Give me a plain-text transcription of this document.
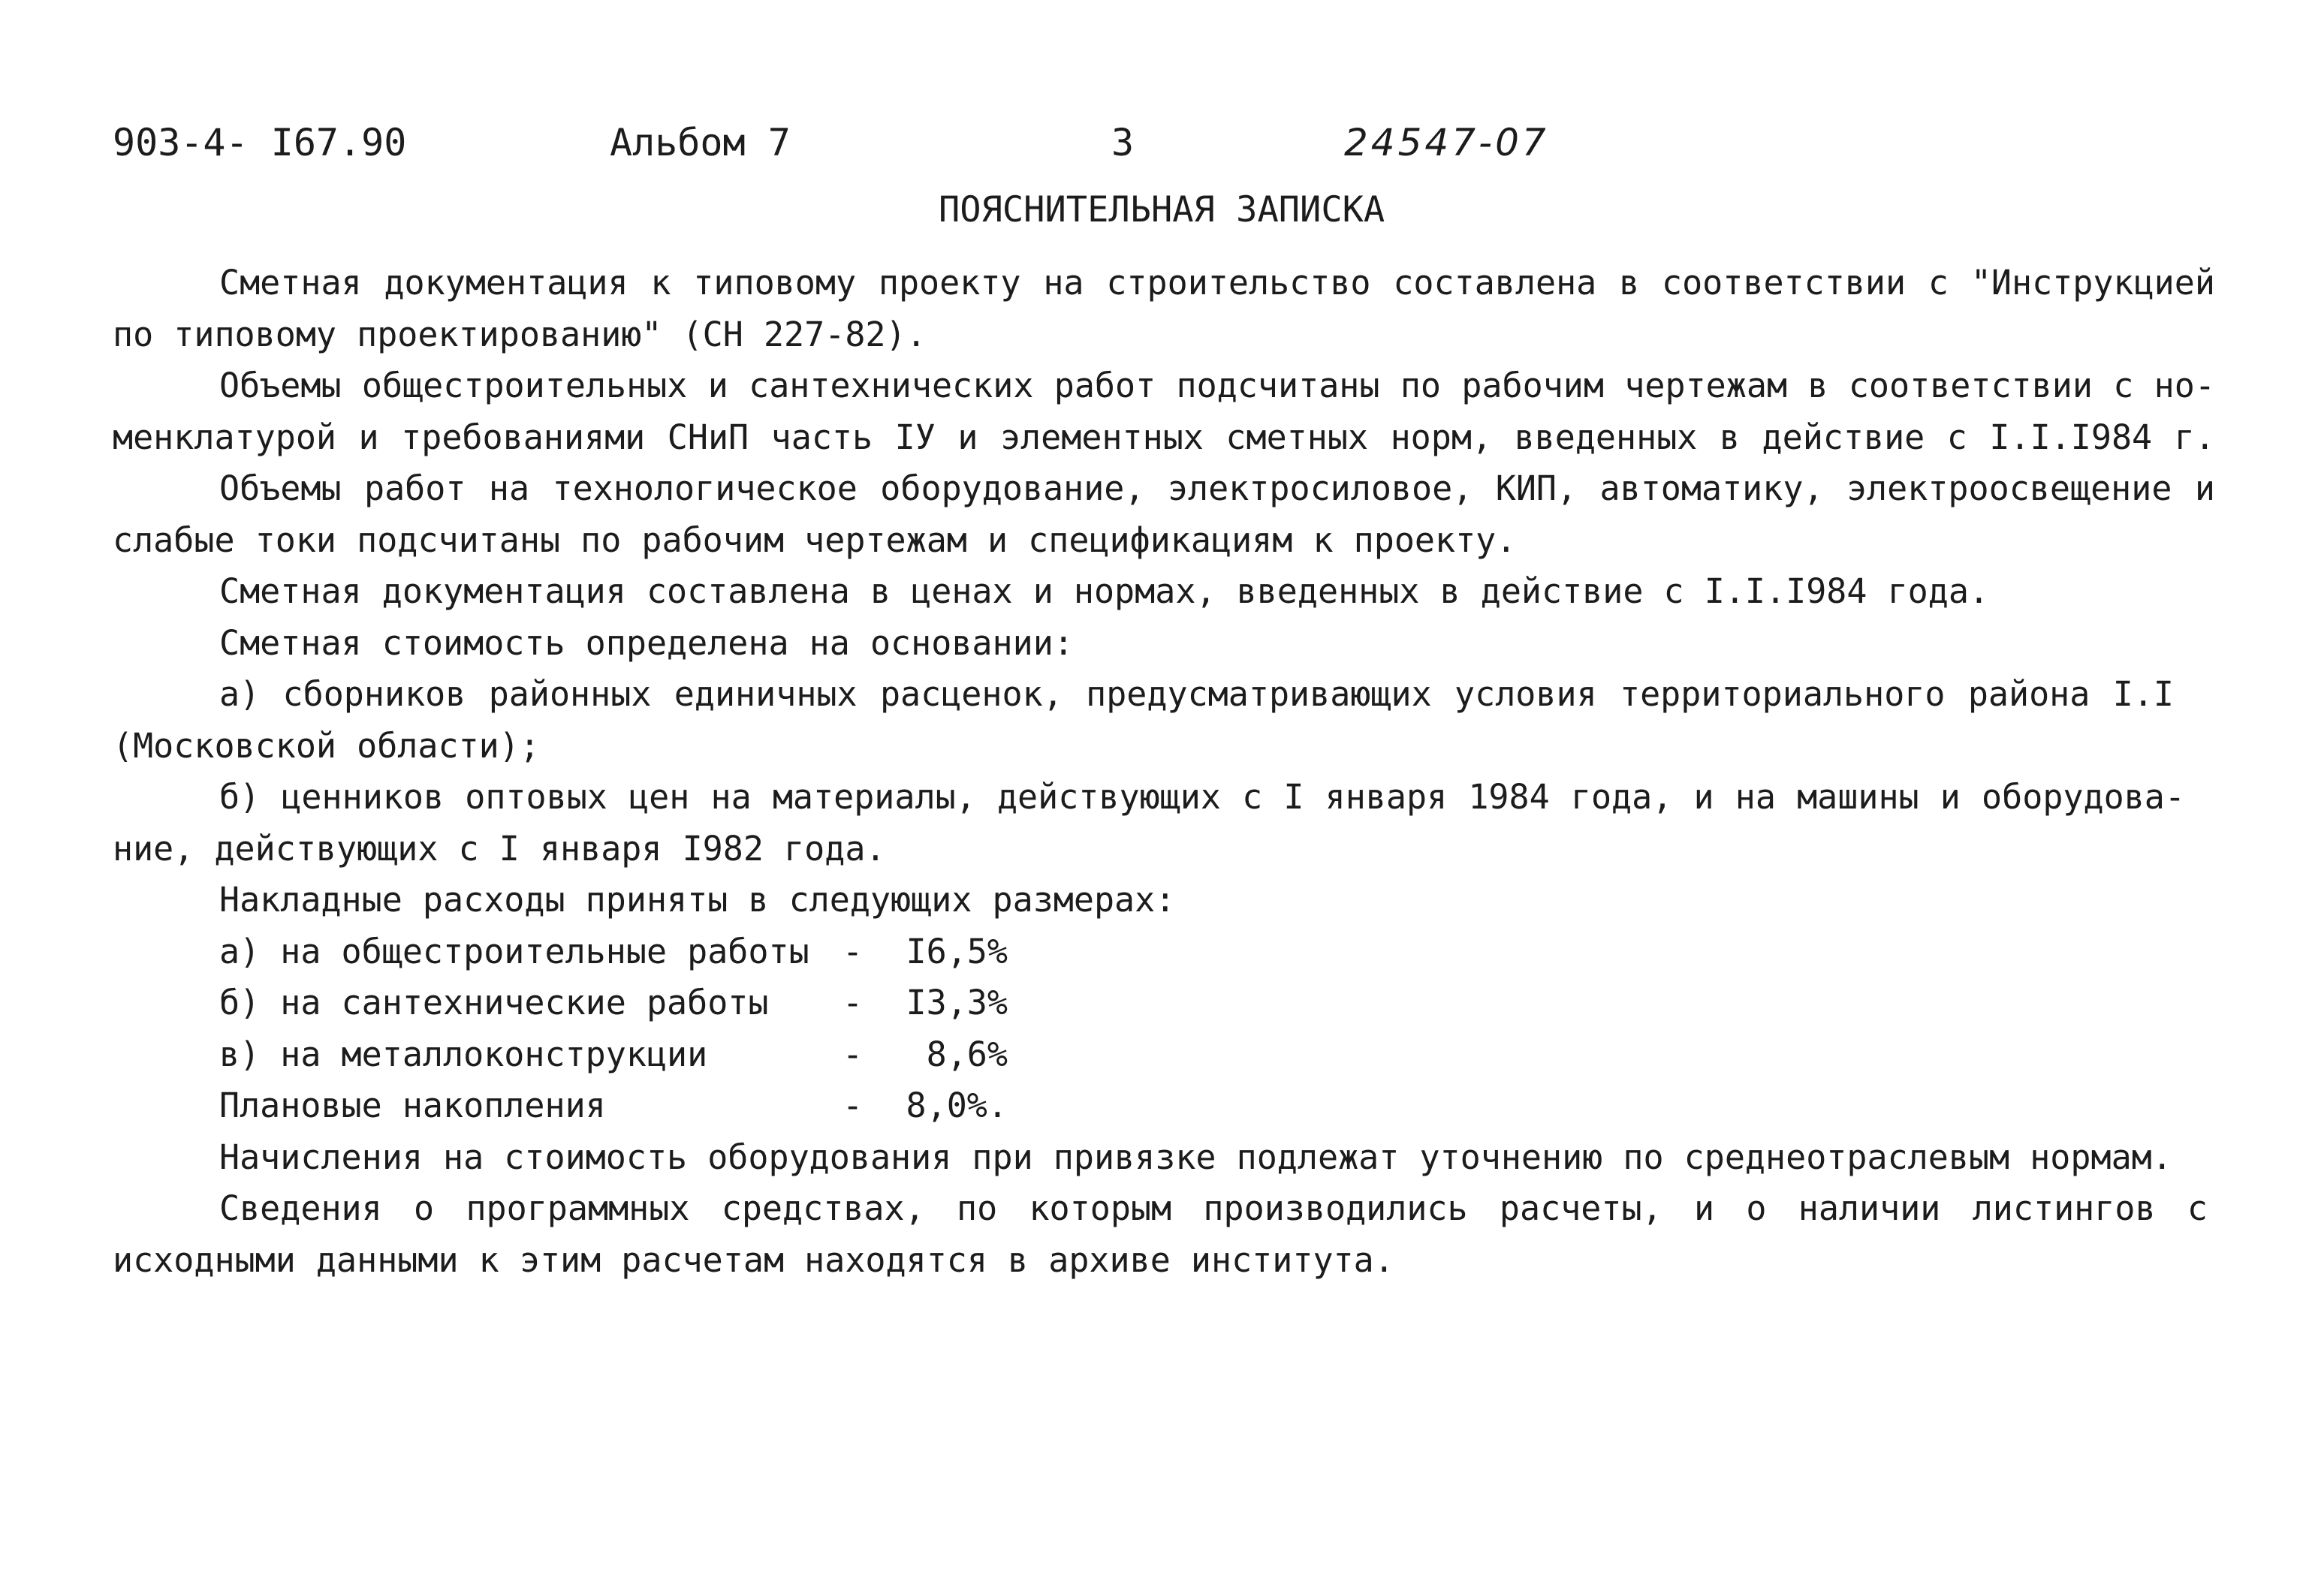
903-4- I67.90	Альбом 7	3	24547-07
ПОЯСНИТЕЛЬНАЯ ЗАПИСКА
Сметная документация к типовому проекту на строительство составлена в соответствии с "Инструкцией
по типовому проектированию" (СН 227-82).
Объемы общестроительных и сантехнических работ подсчитаны по рабочим чертежам в соответствии с но-
менклатурой и требованиями СНиП часть IУ и элементных сметных норм, введенных в действие с I.I.I984 г.
Объемы работ на технологическое оборудование, электросиловое, КИП, автоматику, электроосвещение и
слабые токи подсчитаны по рабочим чертежам и спецификациям к проекту.
Сметная документация составлена в ценах и нормах, введенных в действие с I.I.I984 года.
Сметная стоимость определена на основании:
а) сборников районных единичных расценок, предусматривающих условия территориального района I.I
(Московской области);
б) ценников оптовых цен на материалы, действующих с I января 1984 года, и на машины и оборудова-
ние, действующих с I января I982 года.
Накладные расходы приняты в следующих размерах:
а) на общестроительные работы -	I6,5%
б) на сантехнические работы	-	I3,3%
в) на металлоконструкции	-	8,6%
Плановые накопления	-	8,0%.
Начисления на стоимость оборудования при привязке подлежат уточнению по среднеотраслевым нормам.
Сведения о программных средствах, по которым производились расчеты, и о наличии листингов с
исходными данными к этим расчетам находятся в архиве института.
